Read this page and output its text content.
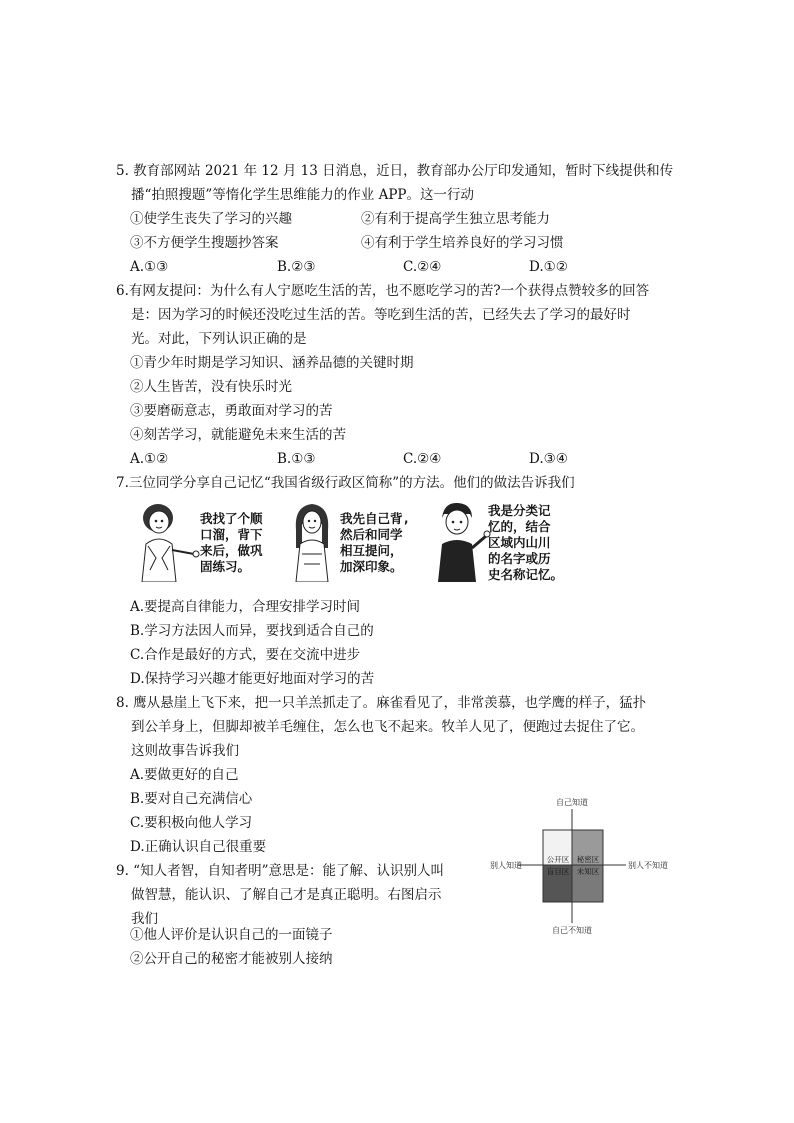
5. 教育部网站 2021 年 12 月 13 日消息，近日，教育部办公厅印发通知，暂时下线提供和传
播“拍照搜题”等惰化学生思维能力的作业 APP。这一行动
①使学生丧失了学习的兴趣	②有利于提高学生独立思考能力
③不方便学生搜题抄答案	④有利于学生培养良好的学习习惯
A.①③	B.②③	C.②④	D.①②
6.有网友提问：为什么有人宁愿吃生活的苦，也不愿吃学习的苦?一个获得点赞较多的回答
是：因为学习的时候还没吃过生活的苦。等吃到生活的苦，已经失去了学习的最好时
光。对此，下列认识正确的是
①青少年时期是学习知识、涵养品德的关键时期
②人生皆苦，没有快乐时光
③要磨砺意志，勇敢面对学习的苦
④刻苦学习，就能避免未来生活的苦
A.①②	B.①③	C.②④	D.③④
7.三位同学分享自己记忆“我国省级行政区简称”的方法。他们的做法告诉我们
我找了个顺
口溜，背下
来后，做巩
固练习。
我先自己背,
然后和同学
相互提问，
加深印象。
我是分类记
忆的，结合
区域内山川
的名字或历
史名称记忆。
A.要提高自律能力，合理安排学习时间
B.学习方法因人而异，要找到适合自己的
C.合作是最好的方式，要在交流中进步
D.保持学习兴趣才能更好地面对学习的苦
8. 鹰从悬崖上飞下来，把一只羊羔抓走了。麻雀看见了，非常羡慕，也学鹰的样子，猛扑
到公羊身上，但脚却被羊毛缠住，怎么也飞不起来。牧羊人见了，便跑过去捉住了它。
这则故事告诉我们
A.要做更好的自己
B.要对自己充满信心
C.要积极向他人学习
D.正确认识自己很重要
9. “知人者智，自知者明”意思是：能了解、认识别人叫
做智慧，能认识、了解自己才是真正聪明。右图启示
我们
①他人评价是认识自己的一面镜子
②公开自己的秘密才能被别人接纳
自己知道
自己不知道
别人知道	别人不知道
公开区 秘密区
盲目区 未知区
